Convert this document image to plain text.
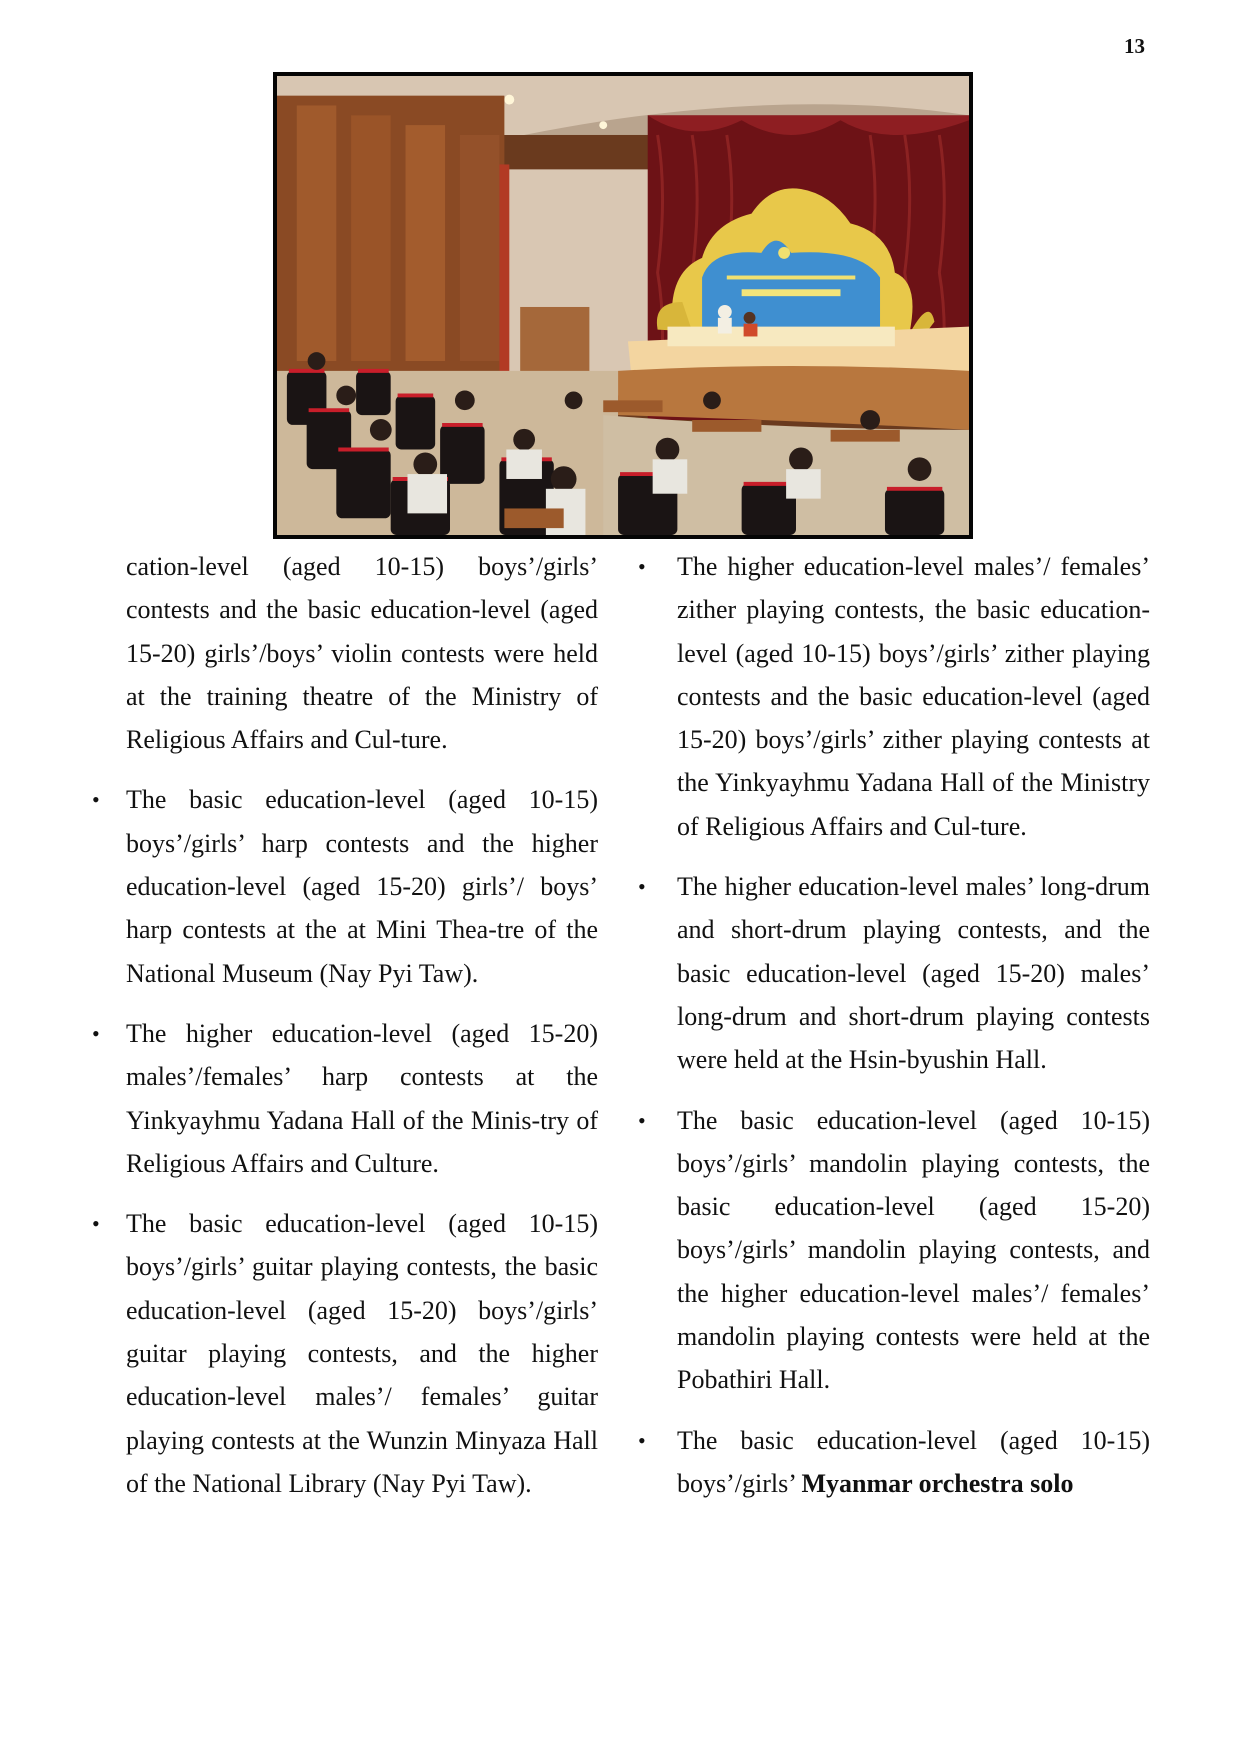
13

cation-level (aged 10-15) boys’/girls’ contests and the basic education-level (aged 15-20) girls’/boys’ violin contests were held at the training theatre of the Ministry of Religious Affairs and Cul-ture.

• The basic education-level (aged 10-15) boys’/girls’ harp contests and the higher education-level (aged 15-20) girls’/ boys’ harp contests at the at Mini Thea-tre of the National Museum (Nay Pyi Taw).
• The higher education-level (aged 15-20) males’/females’ harp contests at the Yinkyayhmu Yadana Hall of the Minis-try of Religious Affairs and Culture.
• The basic education-level (aged 10-15) boys’/girls’ guitar playing contests, the basic education-level (aged 15-20) boys’/girls’ guitar playing contests, and the higher education-level males’/ females’ guitar playing contests at the Wunzin Minyaza Hall of the National Library (Nay Pyi Taw).
• The higher education-level males’/ females’ zither playing contests, the basic education-level (aged 10-15) boys’/girls’ zither playing contests and the basic education-level (aged 15-20) boys’/girls’ zither playing contests at the Yinkyayhmu Yadana Hall of the Ministry of Religious Affairs and Cul-ture.
• The higher education-level males’ long-drum and short-drum playing contests, and the basic education-level (aged 15-20) males’ long-drum and short-drum playing contests were held at the Hsin-byushin Hall.
• The basic education-level (aged 10-15) boys’/girls’ mandolin playing contests, the basic education-level (aged 15-20) boys’/girls’ mandolin playing contests, and the higher education-level males’/ females’ mandolin playing contests were held at the Pobathiri Hall.
• The basic education-level (aged 10-15) boys’/girls’ Myanmar orchestra solo
